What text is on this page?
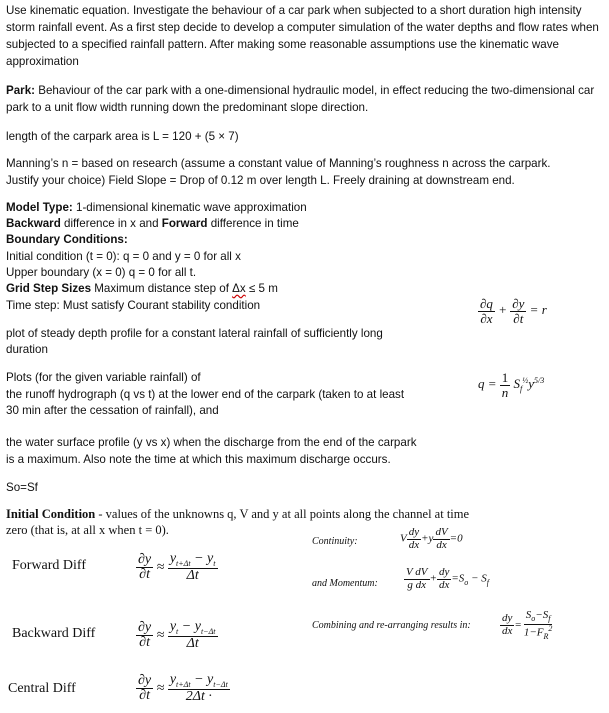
Use kinematic equation. Investigate the behaviour of a car park when subjected to a short duration high intensity storm rainfall event. As a first step decide to develop a computer simulation of the water depths and flow rates when subjected to a specified rainfall pattern. After making some reasonable assumptions use the kinematic wave approximation
Park: Behaviour of the car park with a one-dimensional hydraulic model, in effect reducing the two-dimensional car park to a unit flow width running down the predominant slope direction.
length of the carpark area is L = 120 + (5 × 7)
Manning’s n = based on research (assume a constant value of Manning’s roughness n across the carpark.
Justify your choice) Field Slope = Drop of 0.12 m over length L. Freely draining at downstream end.
Model Type: 1-dimensional kinematic wave approximation
Backward difference in x and Forward difference in time
Boundary Conditions:
Initial condition (t = 0): q = 0 and y = 0 for all x
Upper boundary (x = 0) q = 0 for all t.
Grid Step Sizes Maximum distance step of Δx ≤ 5 m
Time step: Must satisfy Courant stability condition	$\frac{\partial q}{\partial x} + \frac{\partial y}{\partial t} = r$
plot of steady depth profile for a constant lateral rainfall of sufficiently long
duration
Plots (for the given variable rainfall) of
the runoff hydrograph (q vs t) at the lower end of the carpark (taken to at least
30 min after the cessation of rainfall), and
$q = \frac{1}{n} S_f^{\frac{1}{2}}y^{5/3}$
the water surface profile (y vs x) when the discharge from the end of the carpark
is a maximum. Also note the time at which this maximum discharge occurs.
So=Sf
Initial Condition - values of the unknowns q, V and y at all points along the channel at time
zero (that is, at all x when t = 0).
Continuity:	V $\frac{dy}{dx} +y \frac{dV}{dx} =0$
and Momentum: $\frac{\text{V dV}}{\text{g dx}} + \frac{dy}{dx} =S_o - S_f$
Combining and re-arranging results in:	$\frac{dy}{dx} = \frac{S_o-S_f}{1-F_R^2}$
Forward Diff	$\frac{\partial y}{\partial t} \approx \frac{y_{t+\Delta t} - y_t}{\Delta t}$
Backward Diff	$\frac{\partial y}{\partial t} \approx \frac{y_t - y_{t-\Delta t}}{\Delta t}$
Central Diff	$\frac{\partial y}{\partial t} \approx \frac{y_{t+\Delta t} - y_{t-\Delta t}}{2\Delta t \cdot}$
